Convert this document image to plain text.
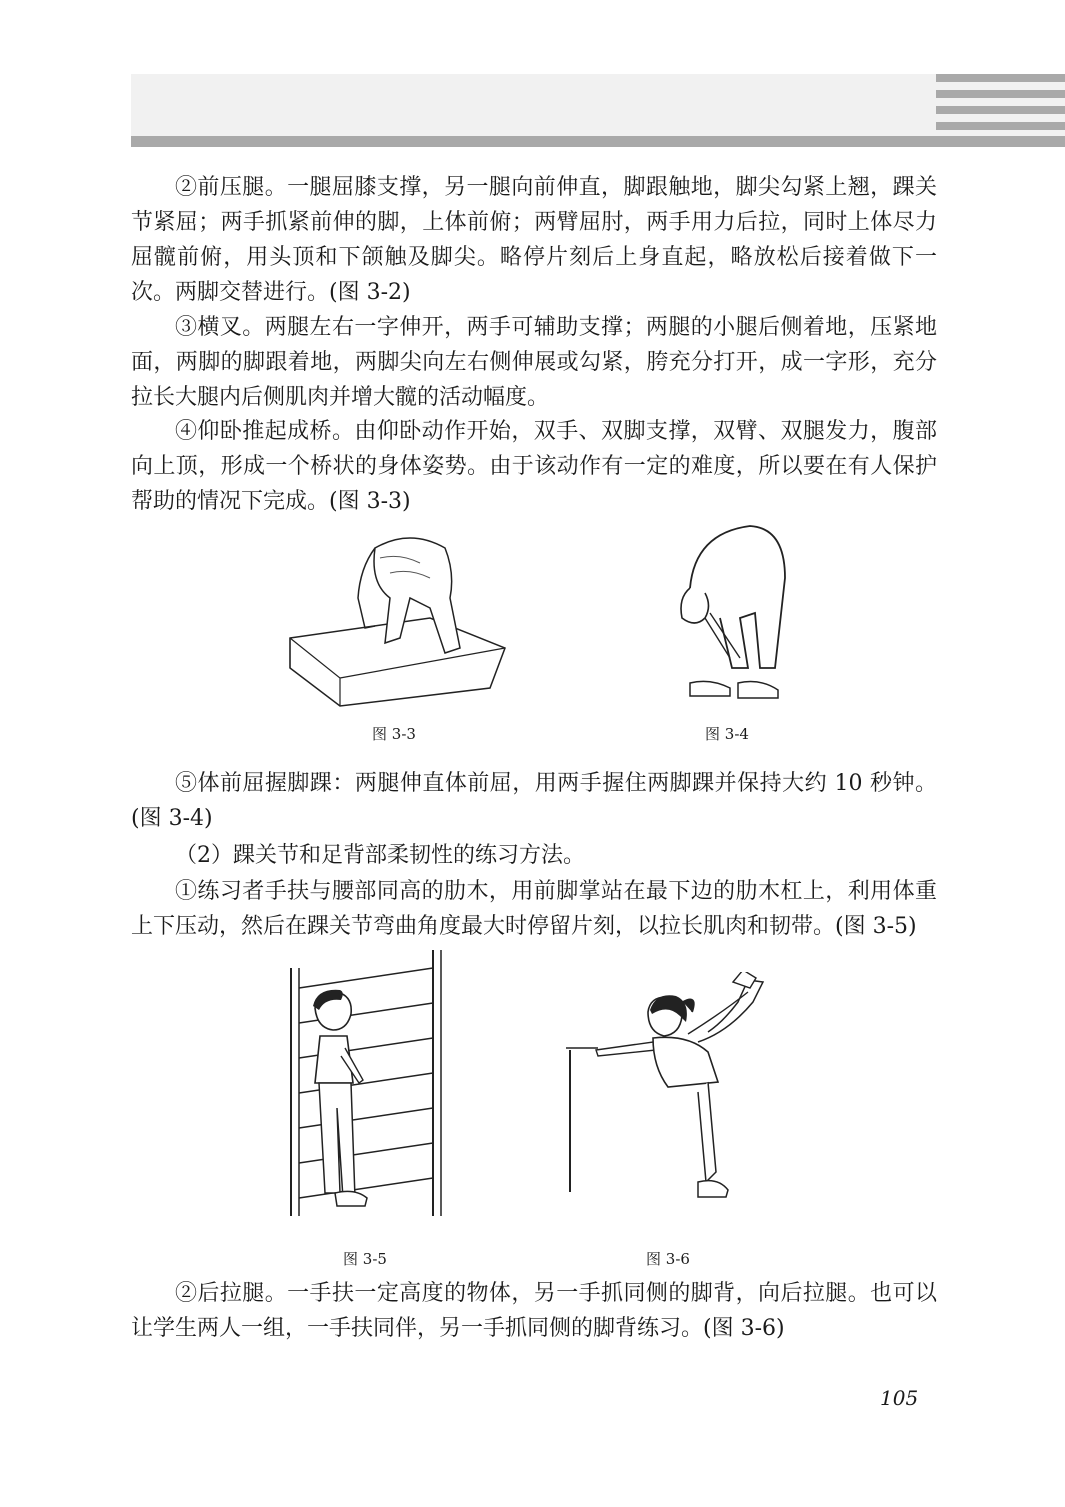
②前压腿。一腿屈膝支撑，另一腿向前伸直，脚跟触地，脚尖勾紧上翘，踝关节紧屈；两手抓紧前伸的脚，上体前俯；两臂屈肘，两手用力后拉，同时上体尽力屈髋前俯，用头顶和下颌触及脚尖。略停片刻后上身直起，略放松后接着做下一次。两脚交替进行。(图 3-2)

③横叉。两腿左右一字伸开，两手可辅助支撑；两腿的小腿后侧着地，压紧地面，两脚的脚跟着地，两脚尖向左右侧伸展或勾紧，胯充分打开，成一字形，充分拉长大腿内后侧肌肉并增大髋的活动幅度。

④仰卧推起成桥。由仰卧动作开始，双手、双脚支撑，双臂、双腿发力，腹部向上顶，形成一个桥状的身体姿势。由于该动作有一定的难度，所以要在有人保护帮助的情况下完成。(图 3-3)

图 3-3	图 3-4

⑤体前屈握脚踝：两腿伸直体前屈，用两手握住两脚踝并保持大约 10 秒钟。(图 3-4)

（2）踝关节和足背部柔韧性的练习方法。

①练习者手扶与腰部同高的肋木，用前脚掌站在最下边的肋木杠上，利用体重上下压动，然后在踝关节弯曲角度最大时停留片刻，以拉长肌肉和韧带。(图 3-5)

图 3-5	图 3-6

②后拉腿。一手扶一定高度的物体，另一手抓同侧的脚背，向后拉腿。也可以让学生两人一组，一手扶同伴，另一手抓同侧的脚背练习。(图 3-6)

105
